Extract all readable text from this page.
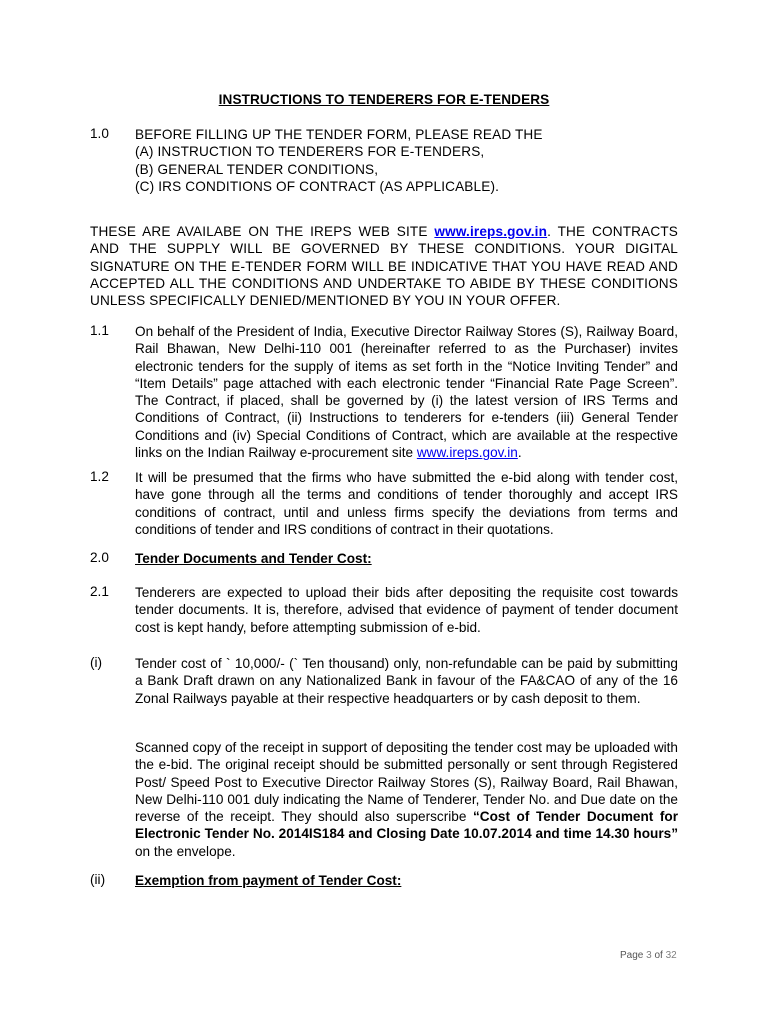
INSTRUCTIONS TO TENDERERS FOR E-TENDERS
1.0 BEFORE FILLING UP THE TENDER FORM, PLEASE READ THE
(A) INSTRUCTION TO TENDERERS FOR E-TENDERS,
(B) GENERAL TENDER CONDITIONS,
(C) IRS CONDITIONS OF CONTRACT (AS APPLICABLE).
THESE ARE AVAILABE ON THE IREPS WEB SITE www.ireps.gov.in. THE CONTRACTS AND THE SUPPLY WILL BE GOVERNED BY THESE CONDITIONS. YOUR DIGITAL SIGNATURE ON THE E-TENDER FORM WILL BE INDICATIVE THAT YOU HAVE READ AND ACCEPTED ALL THE CONDITIONS AND UNDERTAKE TO ABIDE BY THESE CONDITIONS UNLESS SPECIFICALLY DENIED/MENTIONED BY YOU IN YOUR OFFER.
1.1 On behalf of the President of India, Executive Director Railway Stores (S), Railway Board, Rail Bhawan, New Delhi-110 001 (hereinafter referred to as the Purchaser) invites electronic tenders for the supply of items as set forth in the “Notice Inviting Tender” and “Item Details” page attached with each electronic tender “Financial Rate Page Screen”. The Contract, if placed, shall be governed by (i) the latest version of IRS Terms and Conditions of Contract, (ii) Instructions to tenderers for e-tenders (iii) General Tender Conditions and (iv) Special Conditions of Contract, which are available at the respective links on the Indian Railway e-procurement site www.ireps.gov.in.
1.2 It will be presumed that the firms who have submitted the e-bid along with tender cost, have gone through all the terms and conditions of tender thoroughly and accept IRS conditions of contract, until and unless firms specify the deviations from terms and conditions of tender and IRS conditions of contract in their quotations.
2.0 Tender Documents and Tender Cost:
2.1 Tenderers are expected to upload their bids after depositing the requisite cost towards tender documents. It is, therefore, advised that evidence of payment of tender document cost is kept handy, before attempting submission of e-bid.
(i) Tender cost of ` 10,000/- (` Ten thousand) only, non-refundable can be paid by submitting a Bank Draft drawn on any Nationalized Bank in favour of the FA&CAO of any of the 16 Zonal Railways payable at their respective headquarters or by cash deposit to them.
Scanned copy of the receipt in support of depositing the tender cost may be uploaded with the e-bid. The original receipt should be submitted personally or sent through Registered Post/ Speed Post to Executive Director Railway Stores (S), Railway Board, Rail Bhawan, New Delhi-110 001 duly indicating the Name of Tenderer, Tender No. and Due date on the reverse of the receipt. They should also superscribe “Cost of Tender Document for Electronic Tender No. 2014IS184 and Closing Date 10.07.2014 and time 14.30 hours” on the envelope.
(ii) Exemption from payment of Tender Cost:
Page 3 of 32
